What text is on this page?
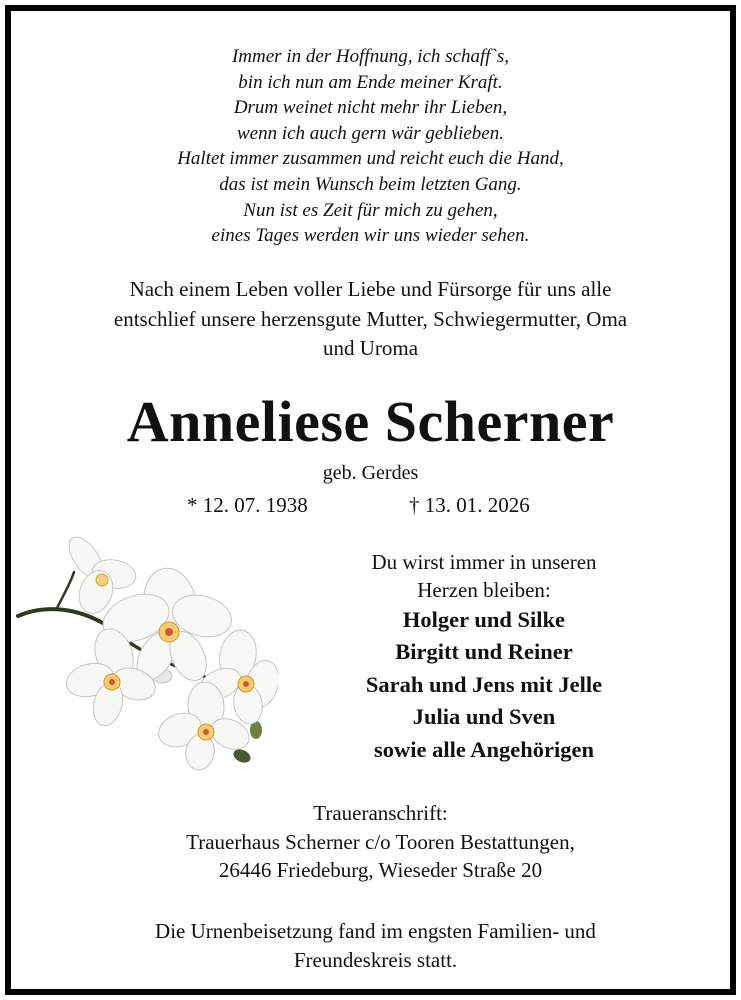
Immer in der Hoffnung, ich schaff`s,
bin ich nun am Ende meiner Kraft.
Drum weinet nicht mehr ihr Lieben,
wenn ich auch gern wär geblieben.
Haltet immer zusammen und reicht euch die Hand,
das ist mein Wunsch beim letzten Gang.
Nun ist es Zeit für mich zu gehen,
eines Tages werden wir uns wieder sehen.
Nach einem Leben voller Liebe und Fürsorge für uns alle
entschlief unsere herzensgute Mutter, Schwiegermutter, Oma
und Uroma
Anneliese Scherner
geb. Gerdes
* 12. 07. 1938	† 13. 01. 2026
Du wirst immer in unseren
Herzen bleiben:
Holger und Silke
Birgitt und Reiner
Sarah und Jens mit Jelle
Julia und Sven
sowie alle Angehörigen
Traueranschrift:
Trauerhaus Scherner c/o Tooren Bestattungen,
26446 Friedeburg, Wieseder Straße 20
Die Urnenbeisetzung fand im engsten Familien- und
Freundeskreis statt.
